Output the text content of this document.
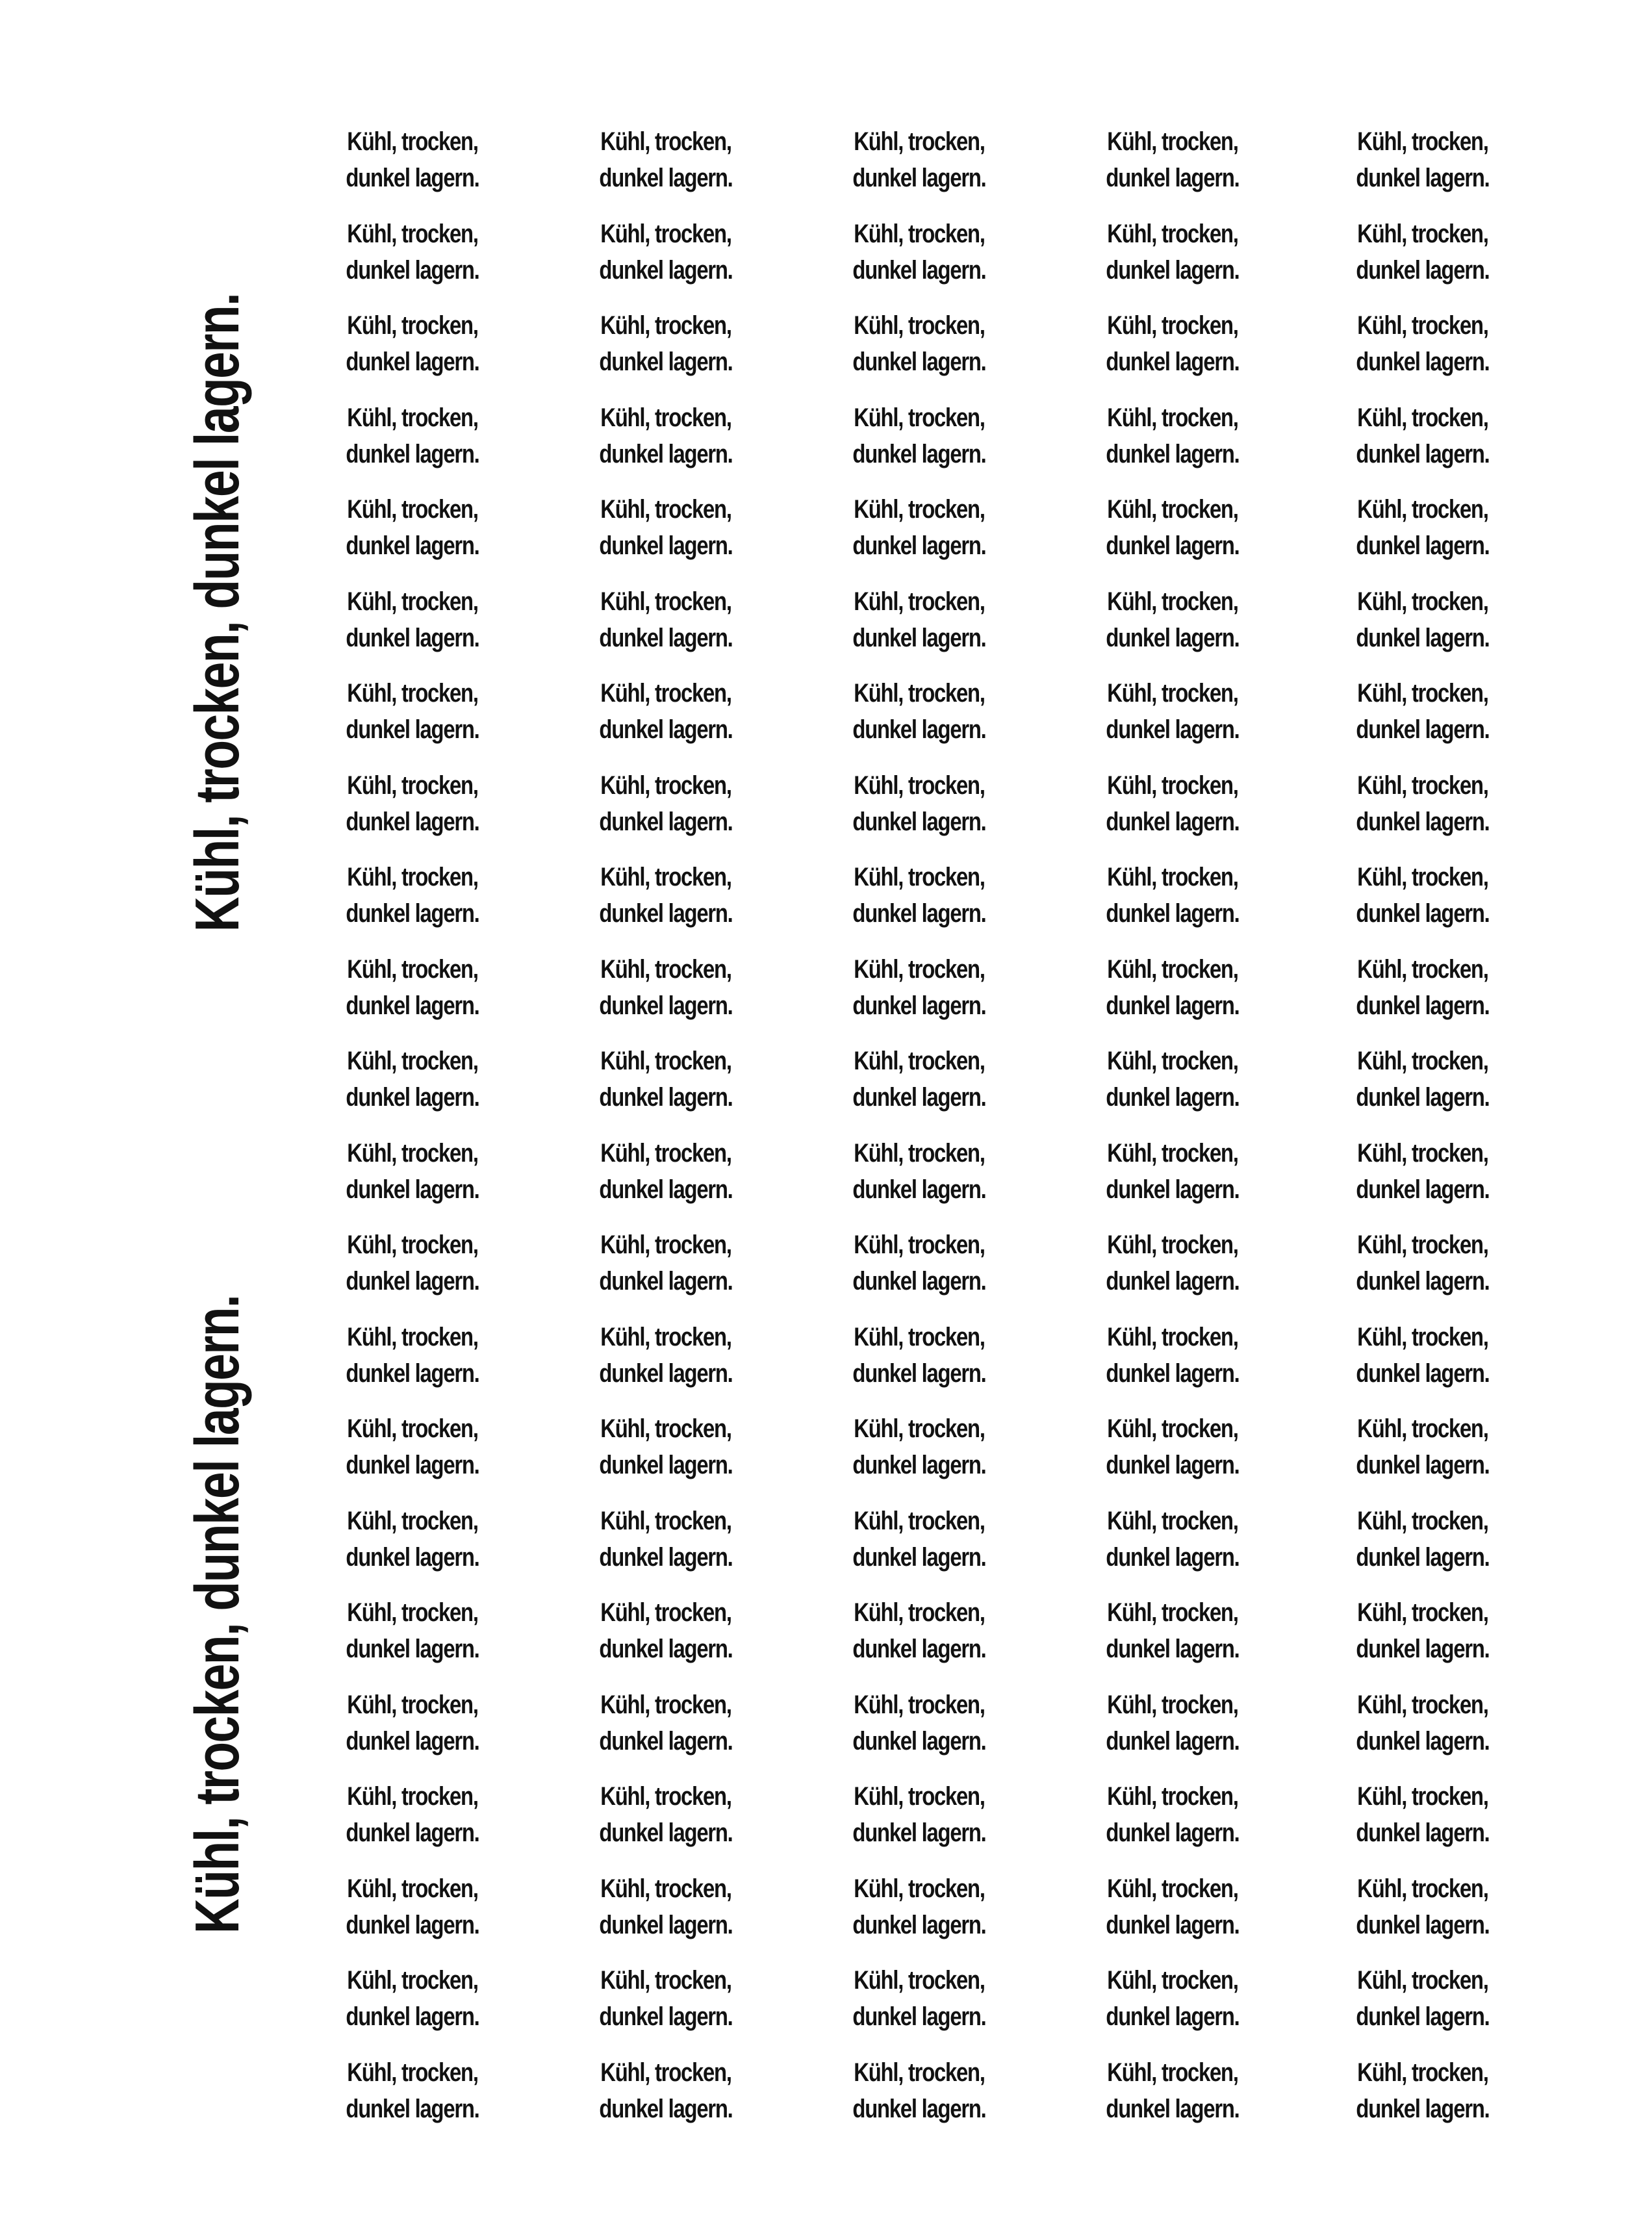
Kühl, trocken, dunkel lagern.
Kühl, trocken, dunkel lagern.
Kühl, trocken,
dunkel lagern.
Kühl, trocken,
dunkel lagern.
Kühl, trocken,
dunkel lagern.
Kühl, trocken,
dunkel lagern.
Kühl, trocken,
dunkel lagern.
Kühl, trocken,
dunkel lagern.
Kühl, trocken,
dunkel lagern.
Kühl, trocken,
dunkel lagern.
Kühl, trocken,
dunkel lagern.
Kühl, trocken,
dunkel lagern.
Kühl, trocken,
dunkel lagern.
Kühl, trocken,
dunkel lagern.
Kühl, trocken,
dunkel lagern.
Kühl, trocken,
dunkel lagern.
Kühl, trocken,
dunkel lagern.
Kühl, trocken,
dunkel lagern.
Kühl, trocken,
dunkel lagern.
Kühl, trocken,
dunkel lagern.
Kühl, trocken,
dunkel lagern.
Kühl, trocken,
dunkel lagern.
Kühl, trocken,
dunkel lagern.
Kühl, trocken,
dunkel lagern.
Kühl, trocken,
dunkel lagern.
Kühl, trocken,
dunkel lagern.
Kühl, trocken,
dunkel lagern.
Kühl, trocken,
dunkel lagern.
Kühl, trocken,
dunkel lagern.
Kühl, trocken,
dunkel lagern.
Kühl, trocken,
dunkel lagern.
Kühl, trocken,
dunkel lagern.
Kühl, trocken,
dunkel lagern.
Kühl, trocken,
dunkel lagern.
Kühl, trocken,
dunkel lagern.
Kühl, trocken,
dunkel lagern.
Kühl, trocken,
dunkel lagern.
Kühl, trocken,
dunkel lagern.
Kühl, trocken,
dunkel lagern.
Kühl, trocken,
dunkel lagern.
Kühl, trocken,
dunkel lagern.
Kühl, trocken,
dunkel lagern.
Kühl, trocken,
dunkel lagern.
Kühl, trocken,
dunkel lagern.
Kühl, trocken,
dunkel lagern.
Kühl, trocken,
dunkel lagern.
Kühl, trocken,
dunkel lagern.
Kühl, trocken,
dunkel lagern.
Kühl, trocken,
dunkel lagern.
Kühl, trocken,
dunkel lagern.
Kühl, trocken,
dunkel lagern.
Kühl, trocken,
dunkel lagern.
Kühl, trocken,
dunkel lagern.
Kühl, trocken,
dunkel lagern.
Kühl, trocken,
dunkel lagern.
Kühl, trocken,
dunkel lagern.
Kühl, trocken,
dunkel lagern.
Kühl, trocken,
dunkel lagern.
Kühl, trocken,
dunkel lagern.
Kühl, trocken,
dunkel lagern.
Kühl, trocken,
dunkel lagern.
Kühl, trocken,
dunkel lagern.
Kühl, trocken,
dunkel lagern.
Kühl, trocken,
dunkel lagern.
Kühl, trocken,
dunkel lagern.
Kühl, trocken,
dunkel lagern.
Kühl, trocken,
dunkel lagern.
Kühl, trocken,
dunkel lagern.
Kühl, trocken,
dunkel lagern.
Kühl, trocken,
dunkel lagern.
Kühl, trocken,
dunkel lagern.
Kühl, trocken,
dunkel lagern.
Kühl, trocken,
dunkel lagern.
Kühl, trocken,
dunkel lagern.
Kühl, trocken,
dunkel lagern.
Kühl, trocken,
dunkel lagern.
Kühl, trocken,
dunkel lagern.
Kühl, trocken,
dunkel lagern.
Kühl, trocken,
dunkel lagern.
Kühl, trocken,
dunkel lagern.
Kühl, trocken,
dunkel lagern.
Kühl, trocken,
dunkel lagern.
Kühl, trocken,
dunkel lagern.
Kühl, trocken,
dunkel lagern.
Kühl, trocken,
dunkel lagern.
Kühl, trocken,
dunkel lagern.
Kühl, trocken,
dunkel lagern.
Kühl, trocken,
dunkel lagern.
Kühl, trocken,
dunkel lagern.
Kühl, trocken,
dunkel lagern.
Kühl, trocken,
dunkel lagern.
Kühl, trocken,
dunkel lagern.
Kühl, trocken,
dunkel lagern.
Kühl, trocken,
dunkel lagern.
Kühl, trocken,
dunkel lagern.
Kühl, trocken,
dunkel lagern.
Kühl, trocken,
dunkel lagern.
Kühl, trocken,
dunkel lagern.
Kühl, trocken,
dunkel lagern.
Kühl, trocken,
dunkel lagern.
Kühl, trocken,
dunkel lagern.
Kühl, trocken,
dunkel lagern.
Kühl, trocken,
dunkel lagern.
Kühl, trocken,
dunkel lagern.
Kühl, trocken,
dunkel lagern.
Kühl, trocken,
dunkel lagern.
Kühl, trocken,
dunkel lagern.
Kühl, trocken,
dunkel lagern.
Kühl, trocken,
dunkel lagern.
Kühl, trocken,
dunkel lagern.
Kühl, trocken,
dunkel lagern.
Kühl, trocken,
dunkel lagern.
